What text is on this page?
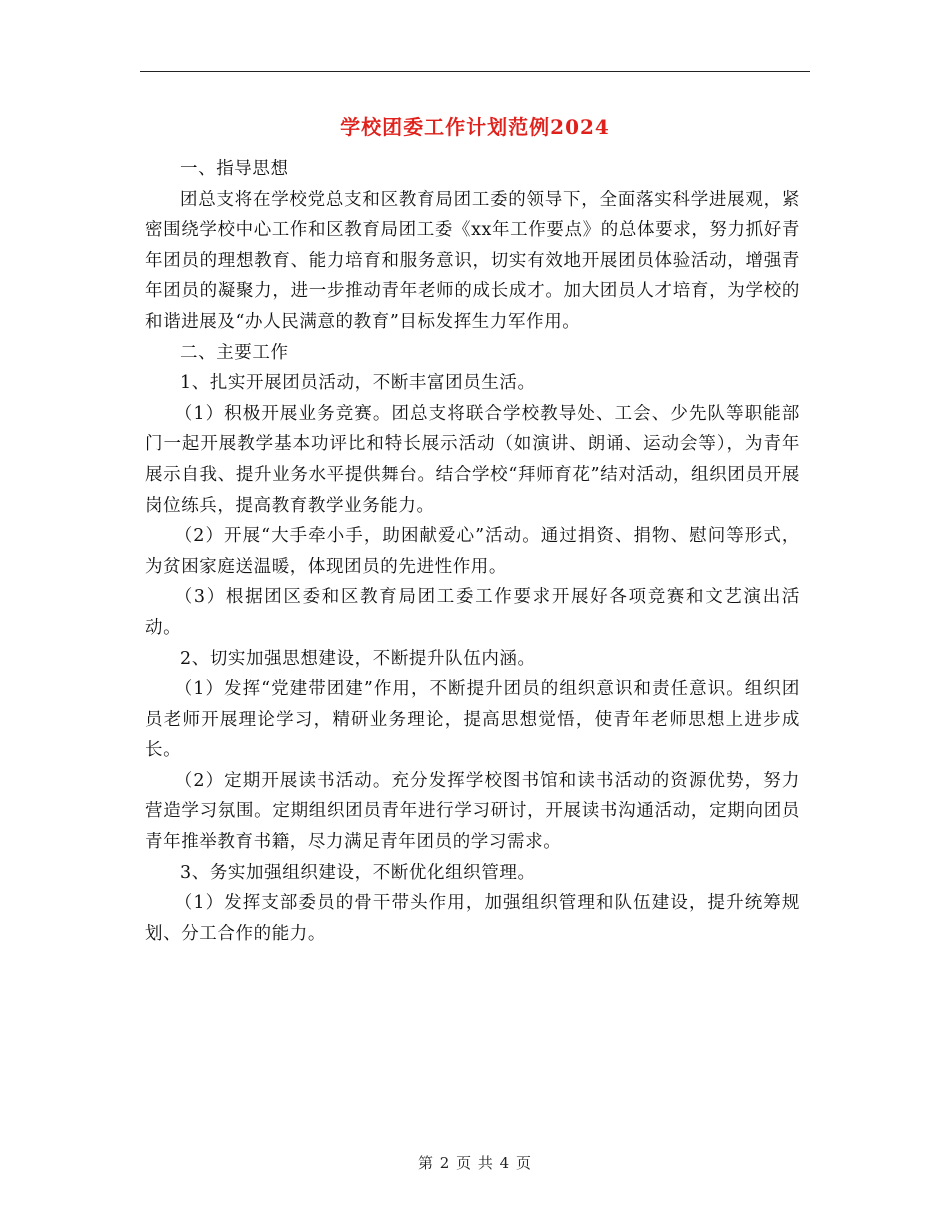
学校团委工作计划范例2024

一、指导思想

团总支将在学校党总支和区教育局团工委的领导下，全面落实科学进展观，紧密围绕学校中心工作和区教育局团工委《xx年工作要点》的总体要求，努力抓好青年团员的理想教育、能力培育和服务意识，切实有效地开展团员体验活动，增强青年团员的凝聚力，进一步推动青年老师的成长成才。加大团员人才培育，为学校的和谐进展及“办人民满意的教育”目标发挥生力军作用。

二、主要工作

1、扎实开展团员活动，不断丰富团员生活。

（1）积极开展业务竞赛。团总支将联合学校教导处、工会、少先队等职能部门一起开展教学基本功评比和特长展示活动（如演讲、朗诵、运动会等），为青年展示自我、提升业务水平提供舞台。结合学校“拜师育花”结对活动，组织团员开展岗位练兵，提高教育教学业务能力。

（2）开展“大手牵小手，助困献爱心”活动。通过捐资、捐物、慰问等形式，为贫困家庭送温暖，体现团员的先进性作用。

（3）根据团区委和区教育局团工委工作要求开展好各项竞赛和文艺演出活动。

2、切实加强思想建设，不断提升队伍内涵。

（1）发挥“党建带团建”作用，不断提升团员的组织意识和责任意识。组织团员老师开展理论学习，精研业务理论，提高思想觉悟，使青年老师思想上进步成长。

（2）定期开展读书活动。充分发挥学校图书馆和读书活动的资源优势，努力营造学习氛围。定期组织团员青年进行学习研讨，开展读书沟通活动，定期向团员青年推举教育书籍，尽力满足青年团员的学习需求。

3、务实加强组织建设，不断优化组织管理。

（1）发挥支部委员的骨干带头作用，加强组织管理和队伍建设，提升统筹规划、分工合作的能力。

第 2 页 共 4 页
